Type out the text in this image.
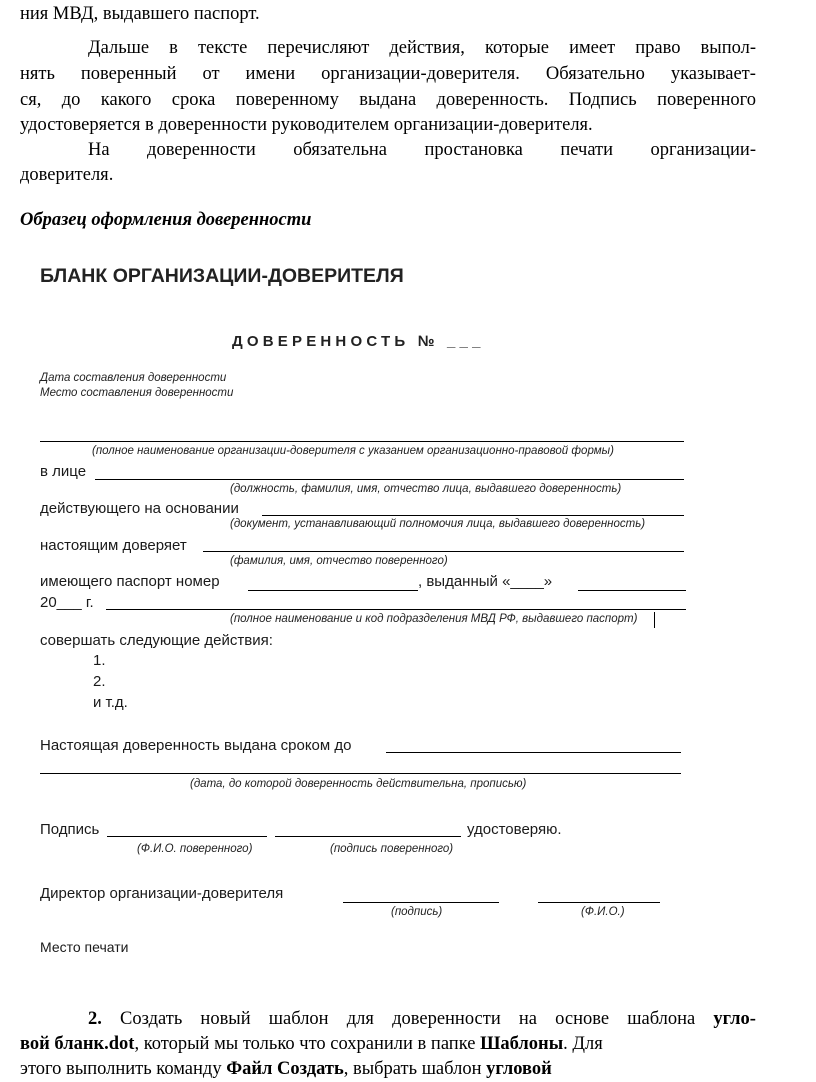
ния МВД, выдавшего паспорт.
Дальше в тексте перечисляют действия, которые имеет право выпол-
нять поверенный от имени организации-доверителя. Обязательно указывает-
ся, до какого срока поверенному выдана доверенность. Подпись поверенного
удостоверяется в доверенности руководителем организации-доверителя.
На доверенности обязательна простановка печати организации-
доверителя.
Образец оформления доверенности
БЛАНК ОРГАНИЗАЦИИ-ДОВЕРИТЕЛЯ
ДОВЕРЕННОСТЬ № ___
Дата составления доверенности
Место составления доверенности
(полное наименование организации-доверителя с указанием организационно-правовой формы)
в лице
(должность, фамилия, имя, отчество лица, выдавшего доверенность)
действующего на основании
(документ, устанавливающий полномочия лица, выдавшего доверенность)
настоящим доверяет
(фамилия, имя, отчество поверенного)
имеющего паспорт номер	, выданный «____»
20___ г.
(полное наименование и код подразделения МВД РФ, выдавшего паспорт)
совершать следующие действия:
1.
2.
и т.д.
Настоящая доверенность выдана сроком до
(дата, до которой доверенность действительна, прописью)
Подпись	удостоверяю.
(Ф.И.О. поверенного)	(подпись поверенного)
Директор организации-доверителя
(подпись)	(Ф.И.О.)
Место печати
2. Создать новый шаблон для доверенности на основе шаблона угло-
вой бланк.dot, который мы только что сохранили в папке Шаблоны. Для
этого выполнить команду Файл Создать, выбрать шаблон угловой
